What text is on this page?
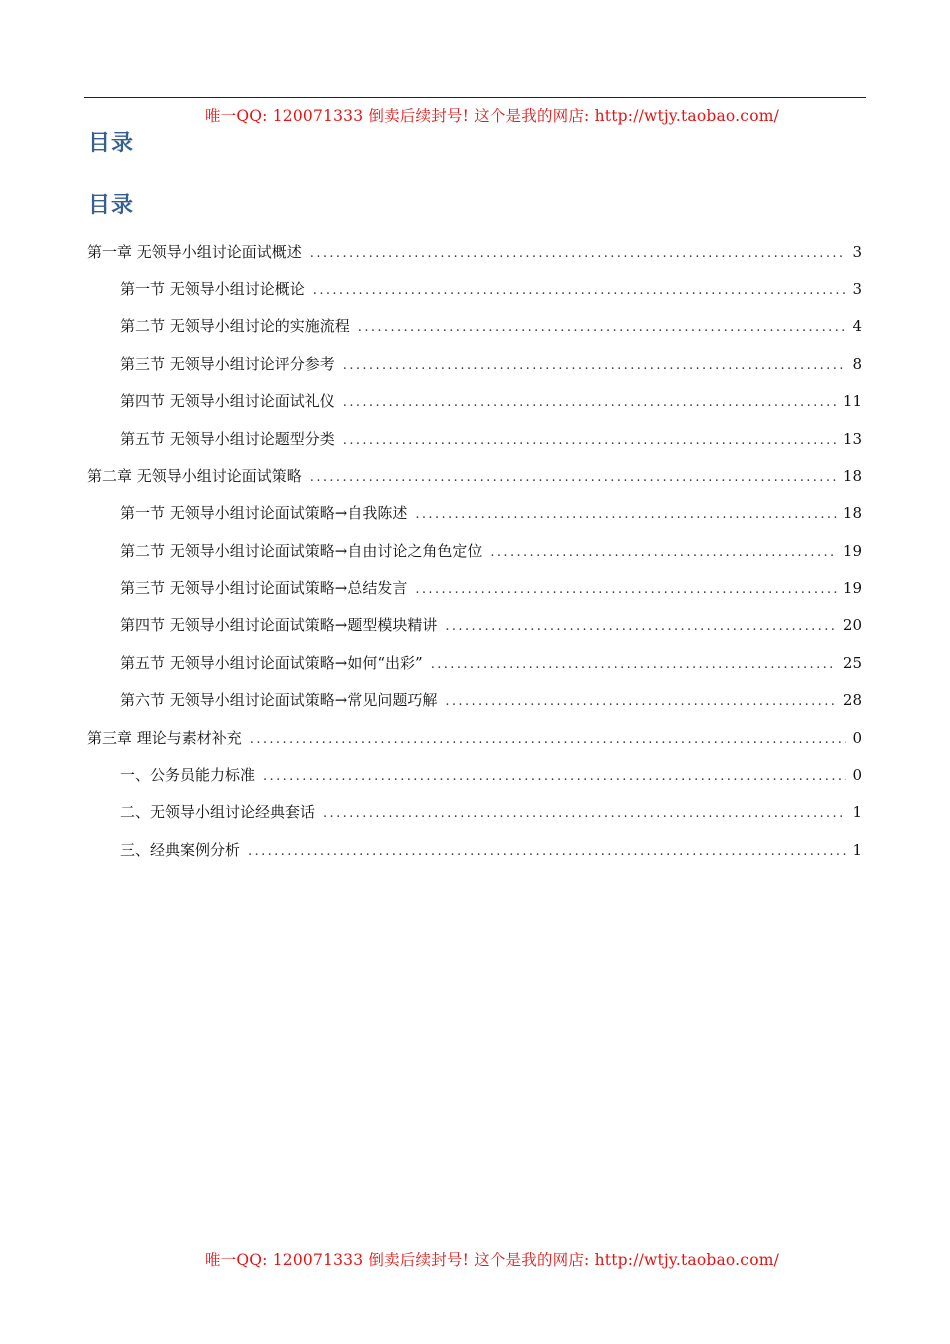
唯一QQ: 120071333 倒卖后续封号! 这个是我的网店: http://wtjy.taobao.com/
目录
目录
第一章 无领导小组讨论面试概述 .....	3
第一节 无领导小组讨论概论 .....	3
第二节 无领导小组讨论的实施流程 .....	4
第三节 无领导小组讨论评分参考 .....	8
第四节 无领导小组讨论面试礼仪 .....	11
第五节 无领导小组讨论题型分类 .....	13
第二章 无领导小组讨论面试策略 .....	18
第一节 无领导小组讨论面试策略→自我陈述 .....	18
第二节 无领导小组讨论面试策略→自由讨论之角色定位 .....	19
第三节 无领导小组讨论面试策略→总结发言 .....	19
第四节 无领导小组讨论面试策略→题型模块精讲 .....	20
第五节 无领导小组讨论面试策略→如何“出彩” .....	25
第六节 无领导小组讨论面试策略→常见问题巧解 .....	28
第三章 理论与素材补充 .....	0
一、公务员能力标准 .....	0
二、无领导小组讨论经典套话 .....	1
三、经典案例分析 .....	1
唯一QQ: 120071333 倒卖后续封号! 这个是我的网店: http://wtjy.taobao.com/
